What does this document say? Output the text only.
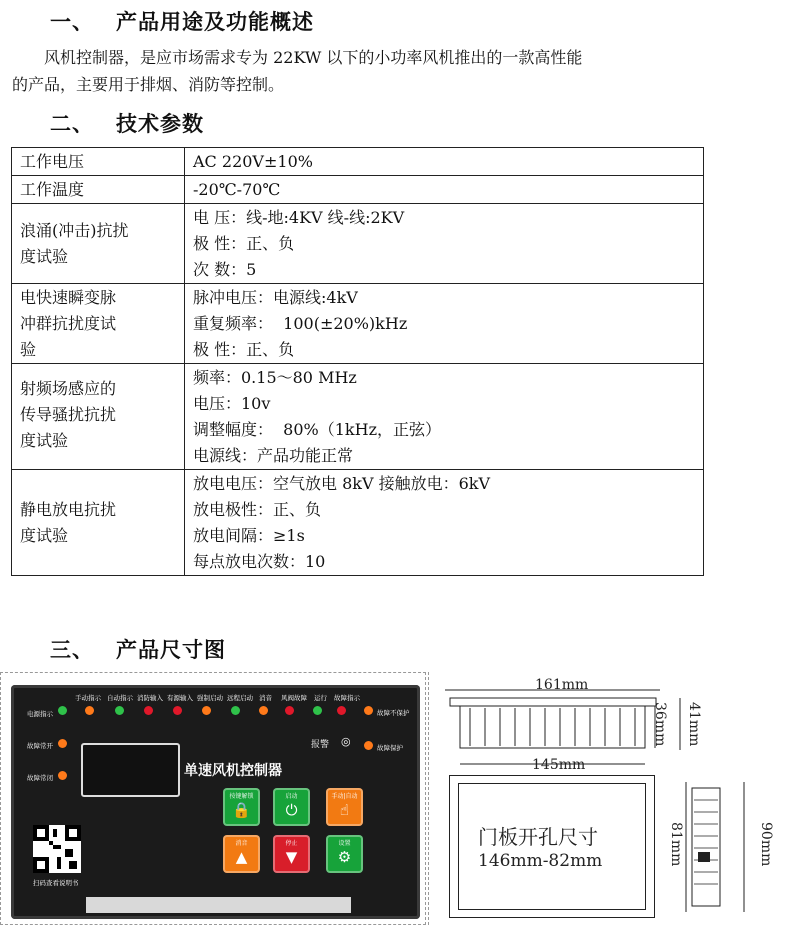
一、 产品用途及功能概述

风机控制器，是应市场需求专为 22KW 以下的小功率风机推出的一款高性能

的产品，主要用于排烟、消防等控制。

二、 技术参数
工作电压	AC 220V±10%

工作温度	-20℃-70℃

浪涌(冲击)抗扰
度试验	电 压：线-地:4KV 线-线:2KV
极 性：正、负
次 数：5

电快速瞬变脉
冲群抗扰度试
验	脉冲电压：电源线:4kV
重复频率：  100(±20%)kHz
极 性：正、负

射频场感应的
传导骚扰抗扰
度试验	频率：0.15～80 MHz
电压：10v
调整幅度：  80%（1kHz，正弦）
电源线：产品功能正常

静电放电抗扰
度试验	放电电压：空气放电 8kV 接触放电：6kV
放电极性：正、负
放电间隔：≥1s
每点放电次数：10
三、 产品尺寸图
手动指示 自动指示 消防输入 有源输入 强制启动 远程启动 消音 风阀故障 运行 故障指示
电源指示
故障常开
故障常闭
故障不保护
故障保护
报警 ◎
单速风机控制器
按键解锁
🔒
启动
⏻
手动|自动
☝
消音
▲
停止
▼
设置
⚙
扫码查看说明书
161mm
36mm 41mm
145mm
门板开孔尺寸
146mm-82mm	81mm	90mm
